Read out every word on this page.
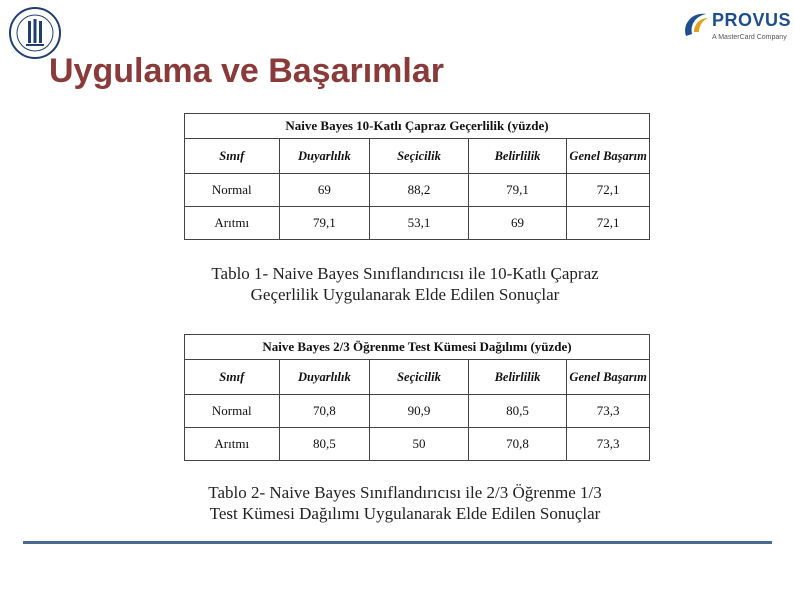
PROVUS
A MasterCard Company
Uygulama ve Başarımlar
Naive Bayes 10-Katlı Çapraz Geçerlilik (yüzde)				
Sınıf	Duyarlılık	Seçicilik	Belirlilik	Genel Başarım
Normal	69	88,2	79,1	72,1
Arıtmı	79,1	53,1	69	72,1
Tablo 1- Naive Bayes Sınıflandırıcısı ile 10-Katlı Çapraz
Geçerlilik Uygulanarak Elde Edilen Sonuçlar
Naive Bayes 2/3 Öğrenme Test Kümesi Dağılımı (yüzde)				
Sınıf	Duyarlılık	Seçicilik	Belirlilik	Genel Başarım
Normal	70,8	90,9	80,5	73,3
Arıtmı	80,5	50	70,8	73,3
Tablo 2- Naive Bayes Sınıflandırıcısı ile 2/3 Öğrenme 1/3
Test Kümesi Dağılımı Uygulanarak Elde Edilen Sonuçlar
